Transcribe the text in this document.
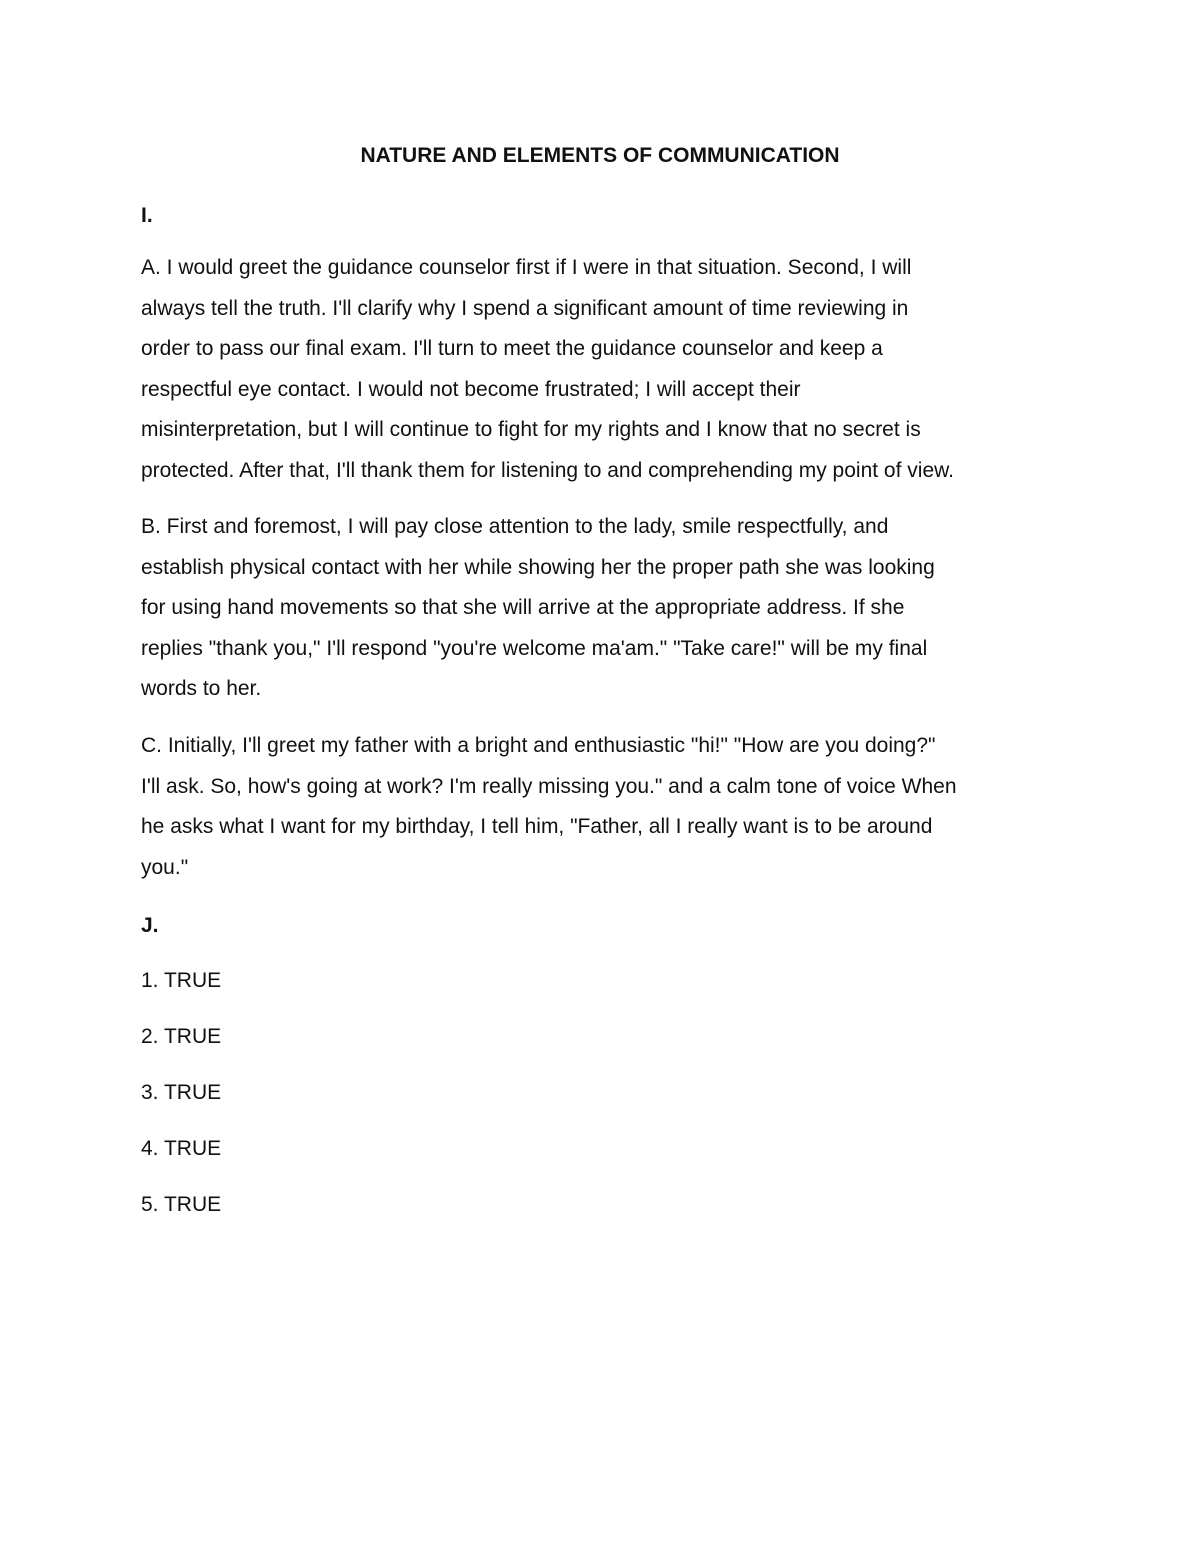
NATURE AND ELEMENTS OF COMMUNICATION
I.
A. I would greet the guidance counselor first if I were in that situation. Second, I will
always tell the truth. I'll clarify why I spend a significant amount of time reviewing in
order to pass our final exam. I'll turn to meet the guidance counselor and keep a
respectful eye contact. I would not become frustrated; I will accept their
misinterpretation, but I will continue to fight for my rights and I know that no secret is
protected. After that, I'll thank them for listening to and comprehending my point of view.
B. First and foremost, I will pay close attention to the lady, smile respectfully, and
establish physical contact with her while showing her the proper path she was looking
for using hand movements so that she will arrive at the appropriate address. If she
replies "thank you," I'll respond "you're welcome ma'am." "Take care!" will be my final
words to her.
C. Initially, I'll greet my father with a bright and enthusiastic "hi!" "How are you doing?"
I'll ask. So, how's going at work? I'm really missing you." and a calm tone of voice When
he asks what I want for my birthday, I tell him, "Father, all I really want is to be around
you."
J.
1. TRUE
2. TRUE
3. TRUE
4. TRUE
5. TRUE
